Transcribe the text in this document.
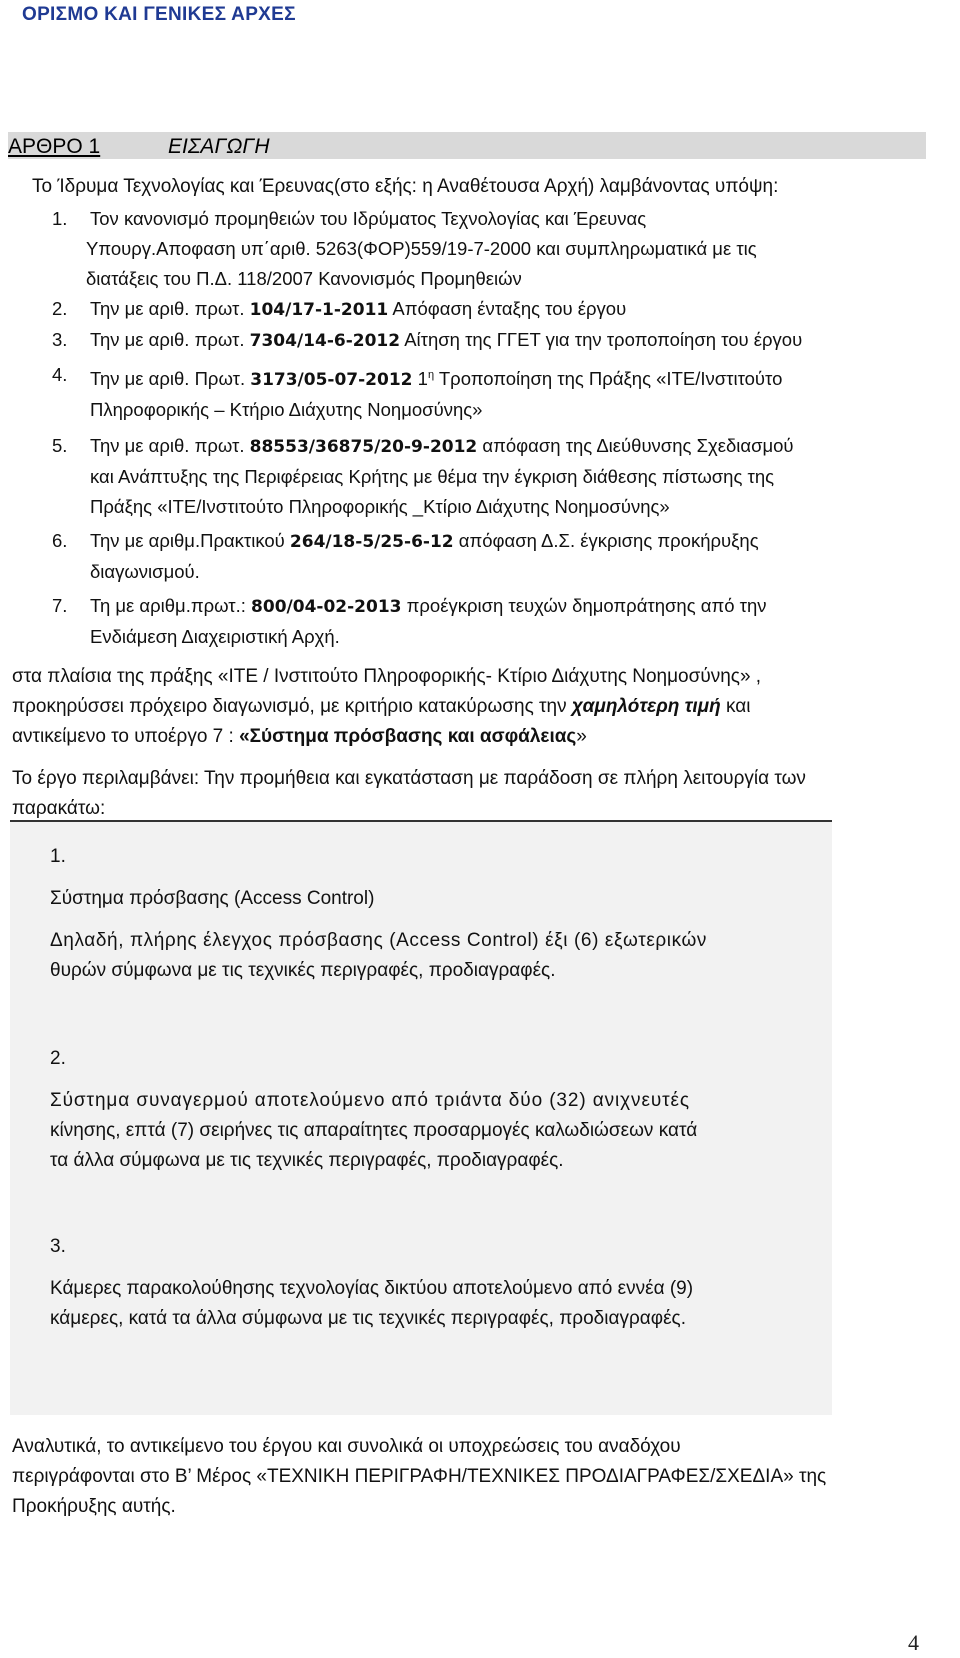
ΟΡΙΣΜΟ ΚΑΙ ΓΕΝΙΚΕΣ ΑΡΧΕΣ
ΑΡΘΡΟ 1	ΕΙΣΑΓΩΓΗ
Το Ίδρυμα Τεχνολογίας και Έρευνας(στο εξής: η Αναθέτουσα Αρχή) λαμβάνοντας υπόψη:
1. Τον κανονισμό προμηθειών του Ιδρύματος Τεχνολογίας και Έρευνας
Υπουργ.Αποφαση υπ΄αριθ. 5263(ΦΟΡ)559/19-7-2000 και συμπληρωματικά με τις
διατάξεις του Π.Δ. 118/2007 Κανονισμός Προμηθειών
2. Την με αριθ. πρωτ. 104/17-1-2011 Απόφαση ένταξης του έργου
3. Την με αριθ. πρωτ. 7304/14-6-2012 Αίτηση της ΓΓΕΤ για την τροποποίηση του έργου
4. Την με αριθ. Πρωτ. 3173/05-07-2012 $1^\eta$ Τροποποίηση της Πράξης «ΙΤΕ/Ινστιτούτο
Πληροφορικής – Κτήριο Διάχυτης Νοημοσύνης»
5. Την με αριθ. πρωτ. 88553/36875/20-9-2012 απόφαση της Διεύθυνσης Σχεδιασμού
και Ανάπτυξης της Περιφέρειας Κρήτης με θέμα την έγκριση διάθεσης πίστωσης της
Πράξης «ΙΤΕ/Ινστιτούτο Πληροφορικής _Κτίριο Διάχυτης Νοημοσύνης»
6. Την με αριθμ.Πρακτικού 264/18-5/25-6-12 απόφαση Δ.Σ. έγκρισης προκήρυξης
διαγωνισμού.
7. Τη με αριθμ.πρωτ.: 800/04-02-2013 προέγκριση τευχών δημοπράτησης από την
Ενδιάμεση Διαχειριστική Αρχή.
στα πλαίσια της πράξης «ΙΤΕ / Ινστιτούτο Πληροφορικής- Κτίριο Διάχυτης Νοημοσύνης» ,
προκηρύσσει πρόχειρο διαγωνισμό, με κριτήριο κατακύρωσης την χαμηλότερη τιμή και
αντικείμενο το υποέργο 7 : «Σύστημα πρόσβασης και ασφάλειας»
Το έργο περιλαμβάνει: Την προμήθεια και εγκατάσταση με παράδοση σε πλήρη λειτουργία των
παρακάτω:
1.
Σύστημα πρόσβασης (Access Control)
Δηλαδή, πλήρης έλεγχος πρόσβασης (Access Control) έξι (6) εξωτερικών
θυρών σύμφωνα με τις τεχνικές περιγραφές, προδιαγραφές.
2.
Σύστημα συναγερμού αποτελούμενο από τριάντα δύο (32) ανιχνευτές
κίνησης, επτά (7) σειρήνες τις απαραίτητες προσαρμογές καλωδιώσεων κατά
τα άλλα σύμφωνα με τις τεχνικές περιγραφές, προδιαγραφές.
3.
Κάμερες παρακολούθησης τεχνολογίας δικτύου αποτελούμενο από εννέα (9)
κάμερες, κατά τα άλλα σύμφωνα με τις τεχνικές περιγραφές, προδιαγραφές.
Αναλυτικά, το αντικείμενο του έργου και συνολικά οι υποχρεώσεις του αναδόχου
περιγράφονται στο Β’ Μέρος «ΤΕΧΝΙΚΗ ΠΕΡΙΓΡΑΦΗ/ΤΕΧΝΙΚΕΣ ΠΡΟΔΙΑΓΡΑΦΕΣ/ΣΧΕΔΙΑ» της
Προκήρυξης αυτής.
4
